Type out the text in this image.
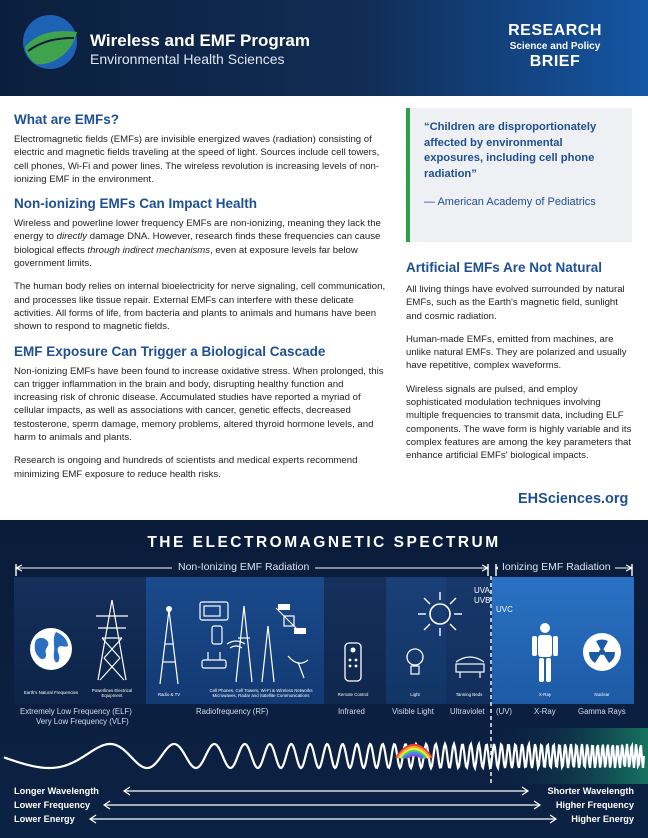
Wireless and EMF Program
Environmental Health Sciences
RESEARCH
Science and Policy
BRIEF
What are EMFs?

Electromagnetic fields (EMFs) are invisible energized waves (radiation) consisting of electric and magnetic fields traveling at the speed of light. Sources include cell towers, cell phones, Wi-Fi and power lines. The wireless revolution is increasing levels of non-ionizing EMF in the environment.

Non-ionizing EMFs Can Impact Health

Wireless and powerline lower frequency EMFs are non-ionizing, meaning they lack the energy to directly damage DNA. However, research finds these frequencies can cause biological effects through indirect mechanisms, even at exposure levels far below government limits.

The human body relies on internal bioelectricity for nerve signaling, cell communication, and processes like tissue repair. External EMFs can interfere with these delicate activities. All forms of life, from bacteria and plants to animals and humans have been shown to respond to magnetic fields.

EMF Exposure Can Trigger a Biological Cascade

Non-ionizing EMFs have been found to increase oxidative stress. When prolonged, this can trigger inflammation in the brain and body, disrupting healthy function and increasing risk of chronic disease. Accumulated studies have reported a myriad of cellular impacts, as well as associations with cancer, genetic effects, decreased testosterone, sperm damage, memory problems, altered thyroid hormone levels, and harm to animals and plants.

Research is ongoing and hundreds of scientists and medical experts recommend minimizing EMF exposure to reduce health risks.

“Children are disproportionately affected by environmental exposures, including cell phone radiation”
— American Academy of Pediatrics
Artificial EMFs Are Not Natural

All living things have evolved surrounded by natural EMFs, such as the Earth's magnetic field, sunlight and cosmic radiation.

Human-made EMFs, emitted from machines, are unlike natural EMFs. They are polarized and usually have repetitive, complex waveforms.

Wireless signals are pulsed, and employ sophisticated modulation techniques involving multiple frequencies to transmit data, including ELF components. The wave form is highly variable and its complex features are among the key parameters that enhance artificial EMFs' biological impacts.

EHSciences.org
THE ELECTROMAGNETIC SPECTRUM
Non-Ionizing EMF Radiation	Ionizing EMF Radiation
Earth's Natural Frequencies	Powerlines Electrical Equipment	Radio & TV
Cell Phones, Cell Towers, Wi-Fi & Wireless Networks Microwaves, Radar and Satellite Communications	Remote Control	Light	Tanning Beds
UVA
UVB
UVC
X-Ray	Nuclear
Extremely Low Frequency (ELF)
Very Low Frequency (VLF)
Radiofrequency (RF)	Infrared	Visible Light Ultraviolet (UV)	X-Ray	Gamma Rays
Longer Wavelength
Lower Frequency
Lower Energy
Shorter Wavelength
Higher Frequency
Higher Energy
